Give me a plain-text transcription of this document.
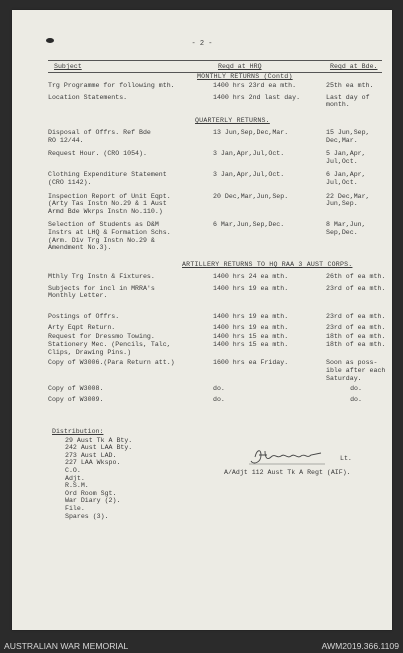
- 2 -
Subject	Reqd at HRQ	Reqd at Bde.
MONTHLY RETURNS (Contd)
Trg Programme for following mth.	1400 hrs 23rd ea mth.	25th ea mth.
Location Statements.	1400 hrs 2nd last day.	Last day of
month.
QUARTERLY RETURNS.
Disposal of Offrs. Ref Bde
RO 12/44.
13 Jun,Sep,Dec,Mar.	15 Jun,Sep,
Dec,Mar.
Request Hour. (CRO 1054).	3 Jan,Apr,Jul,Oct.	5 Jan,Apr,
Jul,Oct.
Clothing Expenditure Statement
(CRO 1142).
3 Jan,Apr,Jul,Oct.	6 Jan,Apr,
Jul,Oct.
Inspection Report of Unit Eqpt.
(Arty Tas Instn No.29 & 1 Aust
Armd Bde Wkrps Instn No.110.)
20 Dec,Mar,Jun,Sep.	22 Dec,Mar,
Jun,Sep.
Selection of Students as D&M
Instrs at LHQ & Formation Schs.
(Arm. Div Trg Instn No.29 &
Amendment No.3).
6 Mar,Jun,Sep,Dec.	8 Mar,Jun,
Sep,Dec.
ARTILLERY RETURNS TO HQ RAA 3 AUST CORPS.
Mthly Trg Instn & Fixtures.	1400 hrs 24 ea mth.	26th of ea mth.
Subjects for incl in MRRA's
Monthly Letter.
1400 hrs 19 ea mth.	23rd of ea mth.
Postings of Offrs.	1400 hrs 19 ea mth.	23rd of ea mth.
Arty Eqpt Return.	1400 hrs 19 ea mth.	23rd of ea mth.
Request for Dressmo Towing.	1400 hrs 15 ea mth.	18th of ea mth.
Stationery Mec. (Pencils, Talc,
Clips, Drawing Pins.)
1400 hrs 15 ea mth.	18th of ea mth.
Copy of W3006.(Para Return att.)	1600 hrs ea Friday.	Soon as poss-
ible after each
Saturday.
Copy of W3008.	do.	do.
Copy of W3009.	do.	do.
Distribution:
29 Aust Tk A Bty.
242 Aust LAA Bty.
273 Aust LAD.
227 LAA Wkspo.
C.O.
Adjt.
R.S.M.
Ord Room Sgt.
War Diary (2).
File.
Spares (3).
Lt.
A/Adjt 112 Aust Tk A Regt (AIF).
AUSTRALIAN WAR MEMORIAL	AWM2019.366.1109
